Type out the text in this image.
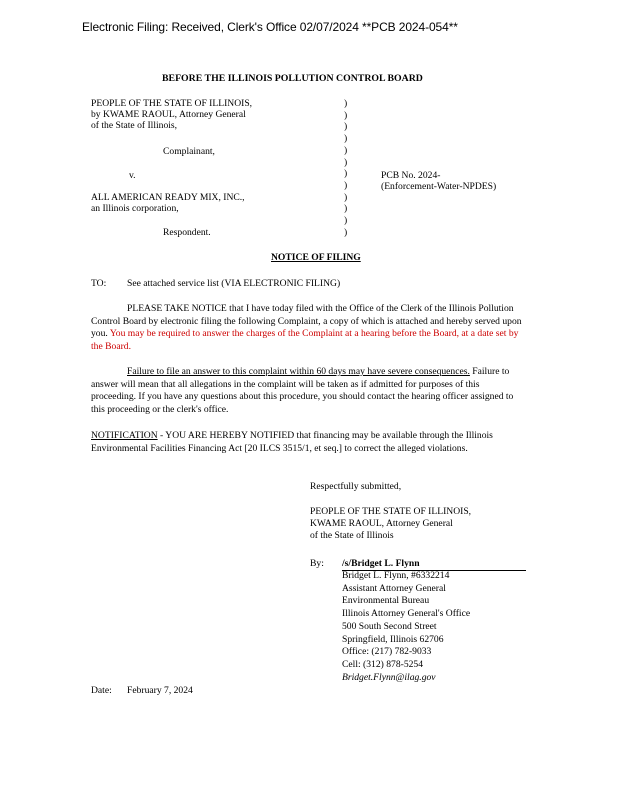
Electronic Filing: Received, Clerk's Office 02/07/2024 **PCB 2024-054**
BEFORE THE ILLINOIS POLLUTION CONTROL BOARD
PEOPLE OF THE STATE OF ILLINOIS,
by KWAME RAOUL, Attorney General
of the State of Illinois,
Complainant,
v.
ALL AMERICAN READY MIX, INC.,
an Illinois corporation,
Respondent.
)
)
)
)
)
)
)
)
)
)
)
)
PCB No. 2024-
(Enforcement-Water-NPDES)
NOTICE OF FILING
TO: See attached service list (VIA ELECTRONIC FILING)
PLEASE TAKE NOTICE that I have today filed with the Office of the Clerk of the Illinois Pollution Control Board by electronic filing the following Complaint, a copy of which is attached and hereby served upon you. You may be required to answer the charges of the Complaint at a hearing before the Board, at a date set by the Board.
Failure to file an answer to this complaint within 60 days may have severe consequences. Failure to answer will mean that all allegations in the complaint will be taken as if admitted for purposes of this proceeding. If you have any questions about this procedure, you should contact the hearing officer assigned to this proceeding or the clerk's office.
NOTIFICATION - YOU ARE HEREBY NOTIFIED that financing may be available through the Illinois Environmental Facilities Financing Act [20 ILCS 3515/1, et seq.] to correct the alleged violations.
Respectfully submitted,
PEOPLE OF THE STATE OF ILLINOIS,
KWAME RAOUL, Attorney General
of the State of Illinois
By: /s/Bridget L. Flynn
Bridget L. Flynn, #6332214
Assistant Attorney General
Environmental Bureau
Illinois Attorney General's Office
500 South Second Street
Springfield, Illinois 62706
Office: (217) 782-9033
Cell: (312) 878-5254
Bridget.Flynn@ilag.gov
Date: February 7, 2024
